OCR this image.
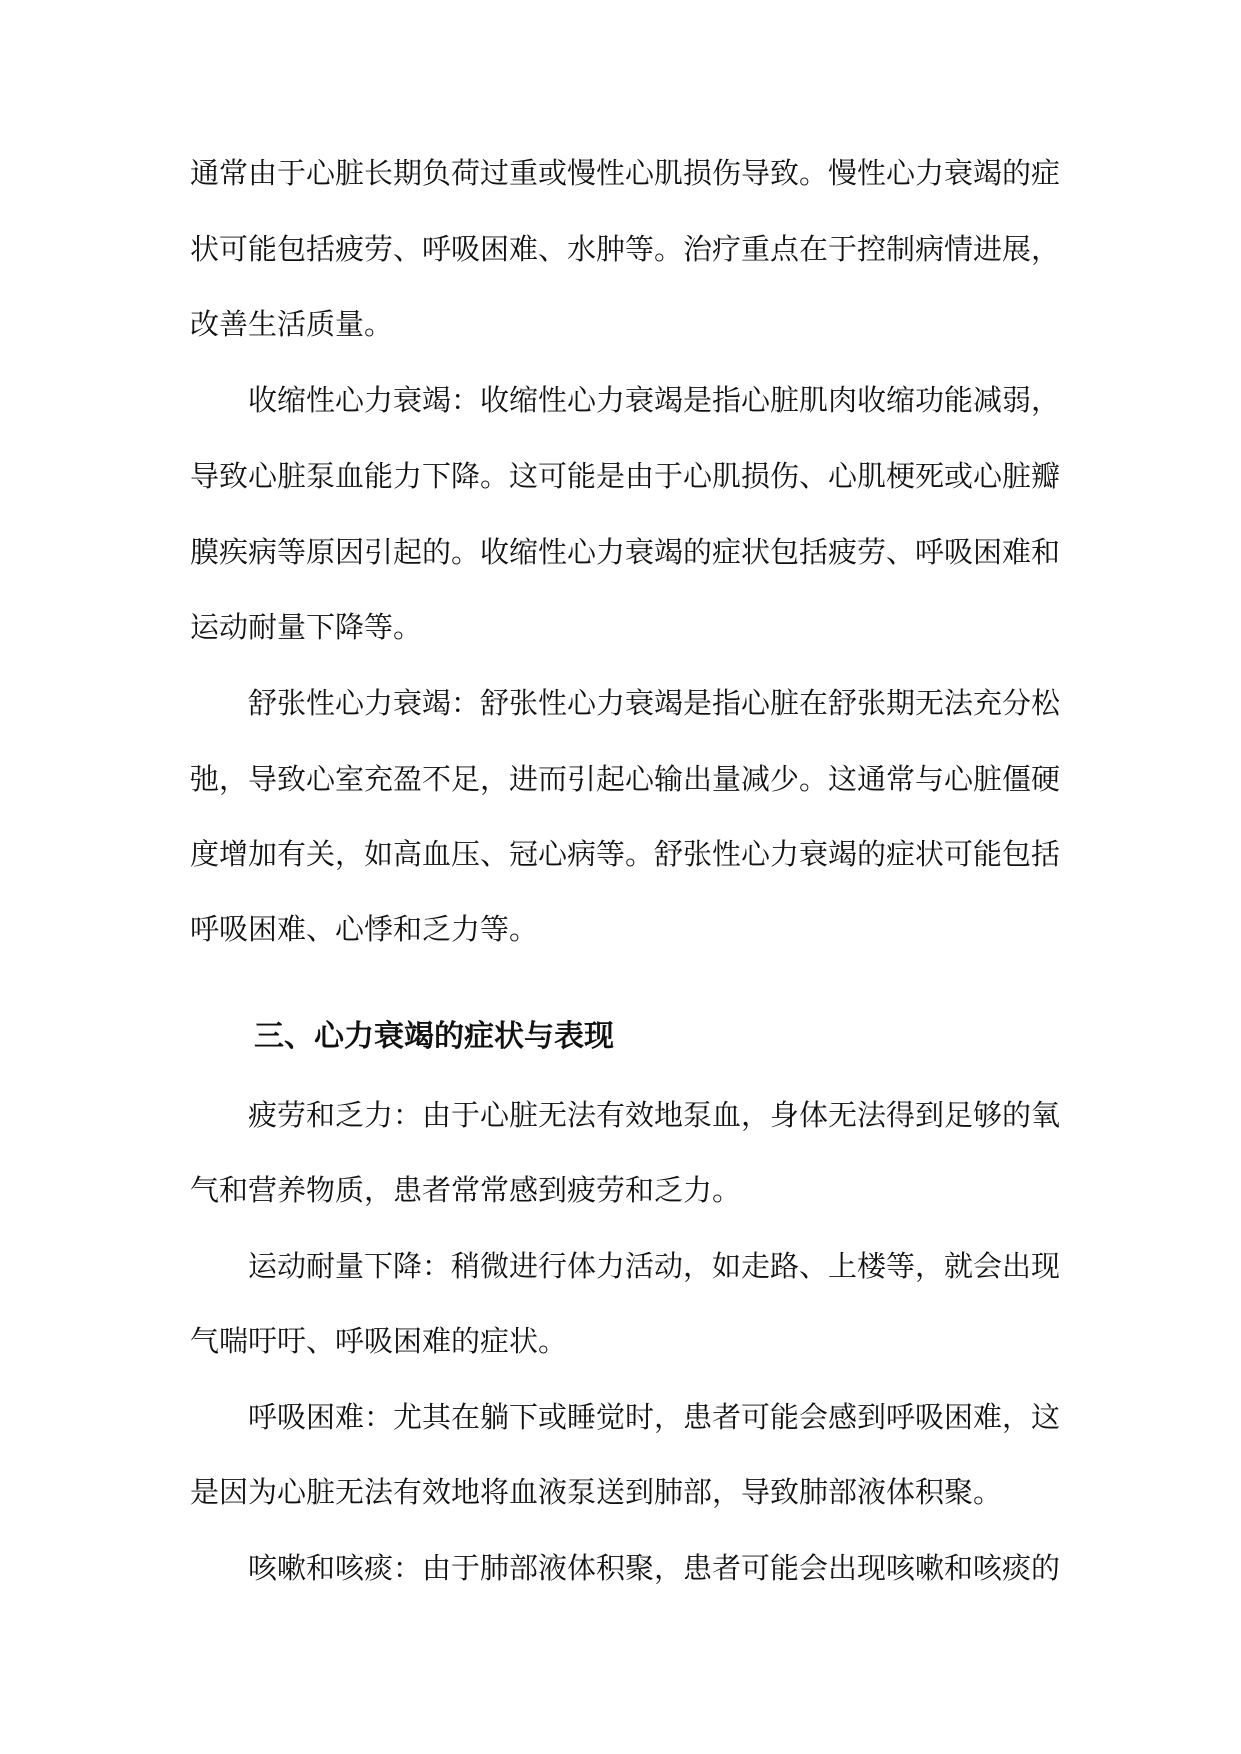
通常由于心脏长期负荷过重或慢性心肌损伤导致。慢性心力衰竭的症
状可能包括疲劳、呼吸困难、水肿等。治疗重点在于控制病情进展，
改善生活质量。
收缩性心力衰竭：收缩性心力衰竭是指心脏肌肉收缩功能减弱，
导致心脏泵血能力下降。这可能是由于心肌损伤、心肌梗死或心脏瓣
膜疾病等原因引起的。收缩性心力衰竭的症状包括疲劳、呼吸困难和
运动耐量下降等。
舒张性心力衰竭：舒张性心力衰竭是指心脏在舒张期无法充分松
弛，导致心室充盈不足，进而引起心输出量减少。这通常与心脏僵硬
度增加有关，如高血压、冠心病等。舒张性心力衰竭的症状可能包括
呼吸困难、心悸和乏力等。
三、心力衰竭的症状与表现
疲劳和乏力：由于心脏无法有效地泵血，身体无法得到足够的氧
气和营养物质，患者常常感到疲劳和乏力。
运动耐量下降：稍微进行体力活动，如走路、上楼等，就会出现
气喘吁吁、呼吸困难的症状。
呼吸困难：尤其在躺下或睡觉时，患者可能会感到呼吸困难，这
是因为心脏无法有效地将血液泵送到肺部，导致肺部液体积聚。
咳嗽和咳痰：由于肺部液体积聚，患者可能会出现咳嗽和咳痰的
